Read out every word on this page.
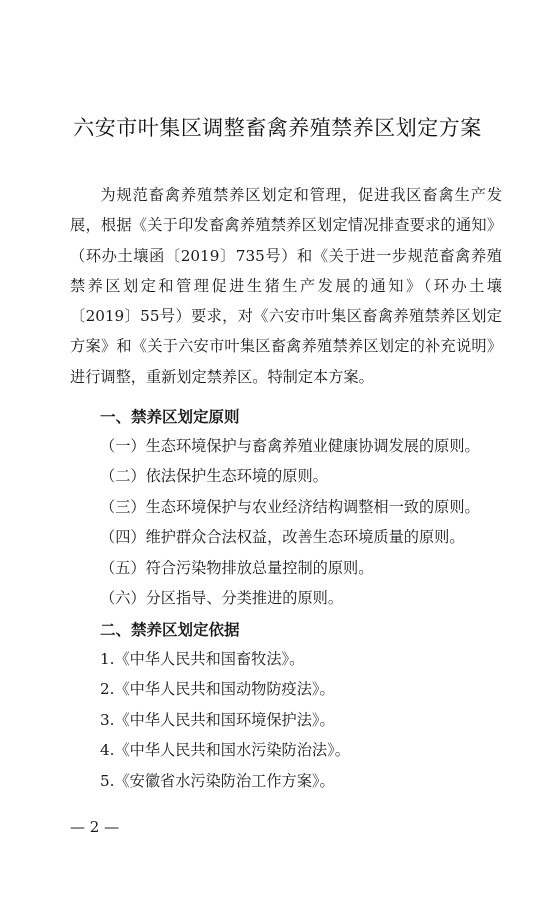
六安市叶集区调整畜禽养殖禁养区划定方案

为规范畜禽养殖禁养区划定和管理，促进我区畜禽生产发展，根据《关于印发畜禽养殖禁养区划定情况排查要求的通知》（环办土壤函〔2019〕735号）和《关于进一步规范畜禽养殖禁养区划定和管理促进生猪生产发展的通知》（环办土壤〔2019〕55号）要求，对《六安市叶集区畜禽养殖禁养区划定方案》和《关于六安市叶集区畜禽养殖禁养区划定的补充说明》进行调整，重新划定禁养区。特制定本方案。

一、禁养区划定原则
（一）生态环境保护与畜禽养殖业健康协调发展的原则。
（二）依法保护生态环境的原则。
（三）生态环境保护与农业经济结构调整相一致的原则。
（四）维护群众合法权益，改善生态环境质量的原则。
（五）符合污染物排放总量控制的原则。
（六）分区指导、分类推进的原则。
二、禁养区划定依据
1.《中华人民共和国畜牧法》。
2.《中华人民共和国动物防疫法》。
3.《中华人民共和国环境保护法》。
4.《中华人民共和国水污染防治法》。
5.《安徽省水污染防治工作方案》。
— 2 —
